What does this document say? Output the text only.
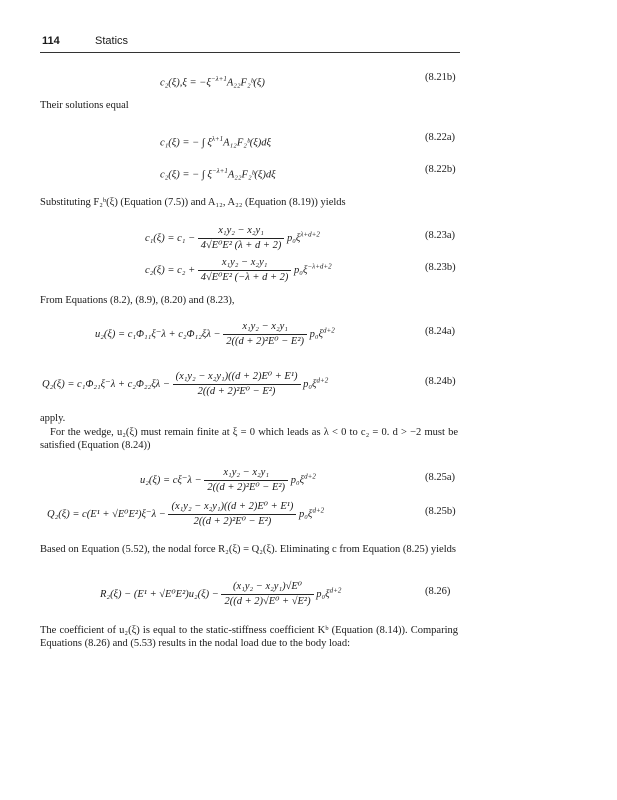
114	Statics
$c_2(\xi),\xi = -\xi^{-\lambda+1}A_{22}F_2ᵇ(\xi)$	(8.21b)
Their solutions equal
c₁(ξ) = − ∫ $\xi^{\lambda+1}A_{12}F_2ᵇ(\xi)d\xi$	(8.22a)
c₂(ξ) = − ∫ $\xi^{-\lambda+1}A_{22}F_2ᵇ(\xi)d\xi$	(8.22b)
Substituting F₂ᵇ(ξ) (Equation (7.5)) and A₁₂, A₂₂ (Equation (8.19)) yields
$c_1(\xi) = c_1 - \frac{\text{x₁y₂ − x₂y₁}}{\text{4√E⁰E² (λ + d + 2)}} p_0\xi^{\lambda+d+2}$	(8.23a)
$c_2(\xi) = c_2 + \frac{\text{x₁y₂ − x₂y₁}}{\text{4√E⁰E² (−λ + d + 2)}} p_0\xi^{-\lambda+d+2}$	(8.23b)
From Equations (8.2), (8.9), (8.20) and (8.23),
$u_2(\xi) = c_1\Phi_{11}\xi^-\lambda + c_2\Phi_{12}\xi\lambda - \frac{\text{x₁y₂ − x₂y₁}}{\text{2((d + 2)²E⁰ − E²)}} p_0\xi^{d+2}$	(8.24a)
$Q_2(\xi) = c_1\Phi_{21}\xi^-\lambda + c_2\Phi_{22}\xi\lambda - \frac{\text{(x₁y₂ − x₂y₁)((d + 2)E⁰ + E¹)}}{\text{2((d + 2)²E⁰ − E²)}} p_0\xi^{d+2}$	(8.24b)
apply.
For the wedge, u₂(ξ) must remain finite at ξ = 0 which leads as λ < 0 to c₂ = 0. d > −2 must be satisfied (Equation (8.24))
$u_2(\xi) = c\xi^-\lambda - \frac{\text{x₁y₂ − x₂y₁}}{\text{2((d + 2)²E⁰ − E²)}} p_0\xi^{d+2}$	(8.25a)
$Q_2(\xi) = c(E^1 + √E^0E^2)\xi^-\lambda - \frac{\text{(x₁y₂ − x₂y₁)((d + 2)E⁰ + E¹)}}{\text{2((d + 2)²E⁰ − E²)}} p_0\xi^{d+2}$	(8.25b)
Based on Equation (5.52), the nodal force R₂(ξ) = Q₂(ξ). Eliminating c from Equation (8.25) yields
$R_2(\xi) - (E^1 + √E^0E^2)u_2(\xi) - \frac{\text{(x₁y₂ − x₂y₁)√E⁰}}{\text{2((d + 2)√E⁰ + √E²)}} p_0\xi^{d+2}$	(8.26)
The coefficient of u₂(ξ) is equal to the static-stiffness coefficient Kᵇ (Equation (8.14)). Comparing Equations (8.26) and (5.53) results in the nodal load due to the body load:
